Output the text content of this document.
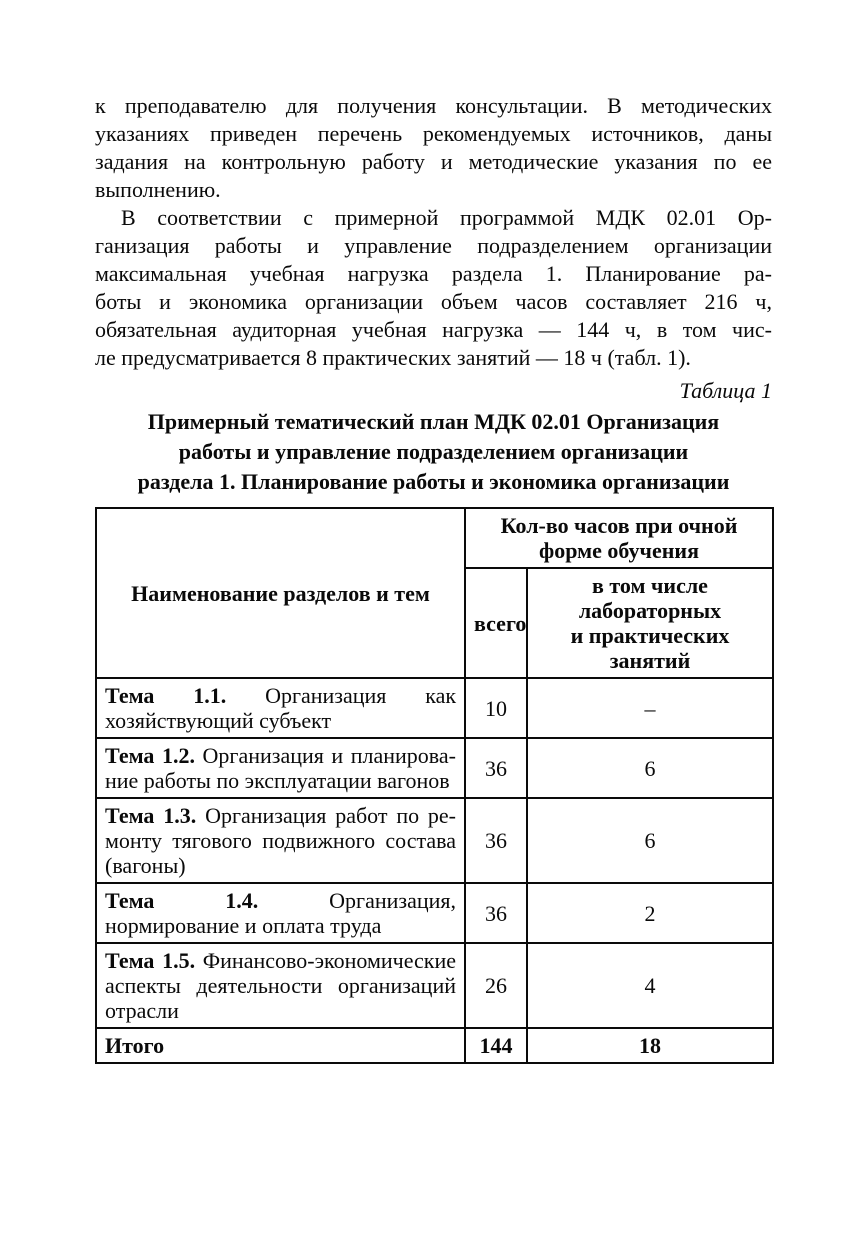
к преподавателю для получения консультации. В методических
указаниях приведен перечень рекомендуемых источников, даны
задания на контрольную работу и методические указания по ее
выполнению.
В соответствии с примерной программой МДК 02.01 Ор-
ганизация работы и управление подразделением организации
максимальная учебная нагрузка раздела 1. Планирование ра-
боты и экономика организации объем часов составляет 216 ч,
обязательная аудиторная учебная нагрузка — 144 ч, в том чис-
ле предусматривается 8 практических занятий — 18 ч (табл. 1).
Таблица 1
Примерный тематический план МДК 02.01 Организация
работы и управление подразделением организации
раздела 1. Планирование работы и экономика организации
Наименование разделов и тем	Кол-во часов при очной
форме обучения	

	всего	в том числе лабораторных
и практических занятий

Тема 1.1. Организация как хозяйствующий субъект	10	–
Тема 1.2. Организация и планирование работы по эксплуатации вагонов	36	6
Тема 1.3. Организация работ по ремонту тягового подвижного состава (вагоны)	36	6
Тема 1.4. Организация, нормирование и оплата труда	36	2
Тема 1.5. Финансово-экономические аспекты деятельности организаций отрасли	26	4
Итого	144	18
